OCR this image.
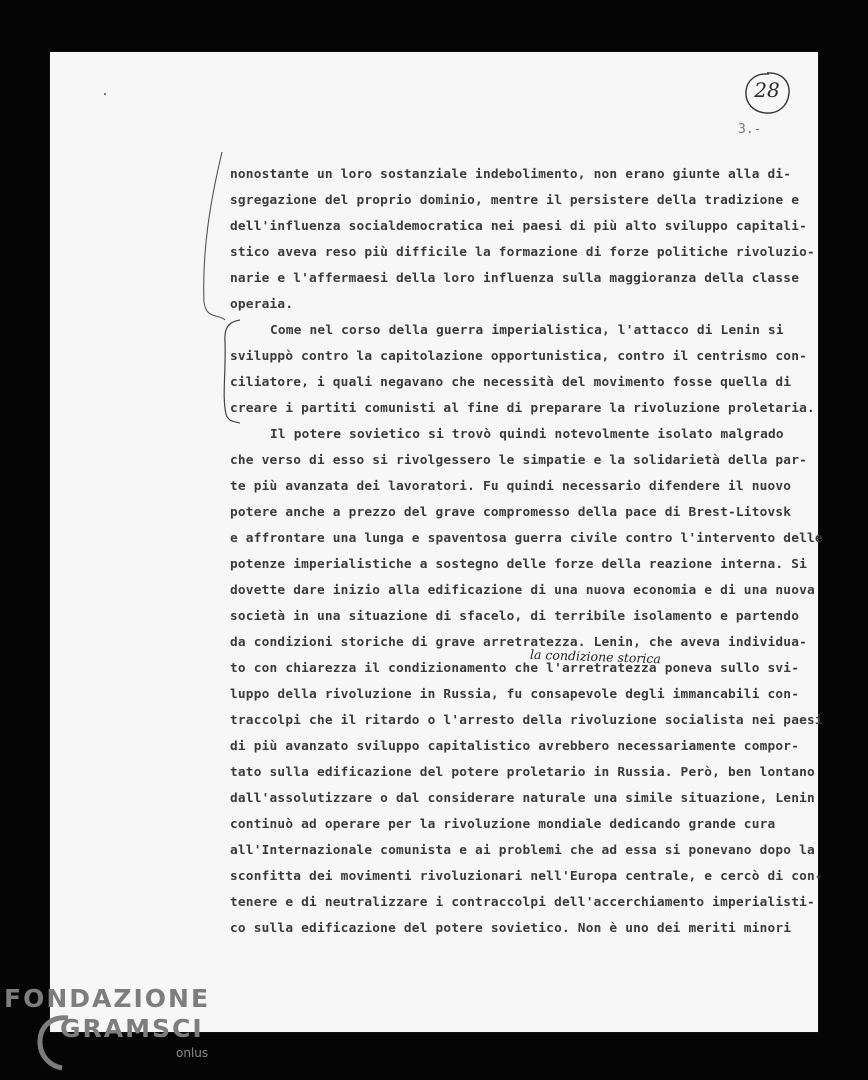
28
3.-
nonostante un loro sostanziale indebolimento, non erano giunte alla di-
sgregazione del proprio dominio, mentre il persistere della tradizione e
dell'influenza socialdemocratica nei paesi di più alto sviluppo capitali-
stico aveva reso più difficile la formazione di forze politiche rivoluzio-
narie e l'affermaesi della loro influenza sulla maggioranza della classe
operaia.
Come nel corso della guerra imperialistica, l'attacco di Lenin si
sviluppò contro la capitolazione opportunistica, contro il centrismo con-
ciliatore, i quali negavano che necessità del movimento fosse quella di
creare i partiti comunisti al fine di preparare la rivoluzione proletaria.
Il potere sovietico si trovò quindi notevolmente isolato malgrado
che verso di esso si rivolgessero le simpatie e la solidarietà della par-
te più avanzata dei lavoratori. Fu quindi necessario difendere il nuovo
potere anche a prezzo del grave compromesso della pace di Brest-Litovsk
e affrontare una lunga e spaventosa guerra civile contro l'intervento delle
potenze imperialistiche a sostegno delle forze della reazione interna. Si
dovette dare inizio alla edificazione di una nuova economia e di una nuova
società in una situazione di sfacelo, di terribile isolamento e partendo
da condizioni storiche di grave arretratezza. Lenin, che aveva individua-
to con chiarezza il condizionamento che l'arretratezza poneva sullo svi-
luppo della rivoluzione in Russia, fu consapevole degli immancabili con-
traccolpi che il ritardo o l'arresto della rivoluzione socialista nei paesi
di più avanzato sviluppo capitalistico avrebbero necessariamente compor-
tato sulla edificazione del potere proletario in Russia. Però, ben lontano
dall'assolutizzare o dal considerare naturale una simile situazione, Lenin
continuò ad operare per la rivoluzione mondiale dedicando grande cura
all'Internazionale comunista e ai problemi che ad essa si ponevano dopo la
sconfitta dei movimenti rivoluzionari nell'Europa centrale, e cercò di con-
tenere e di neutralizzare i contraccolpi dell'accerchiamento imperialisti-
co sulla edificazione del potere sovietico. Non è uno dei meriti minori
la condizione storica
FONDAZIONE
GRAMSCI
onlus
